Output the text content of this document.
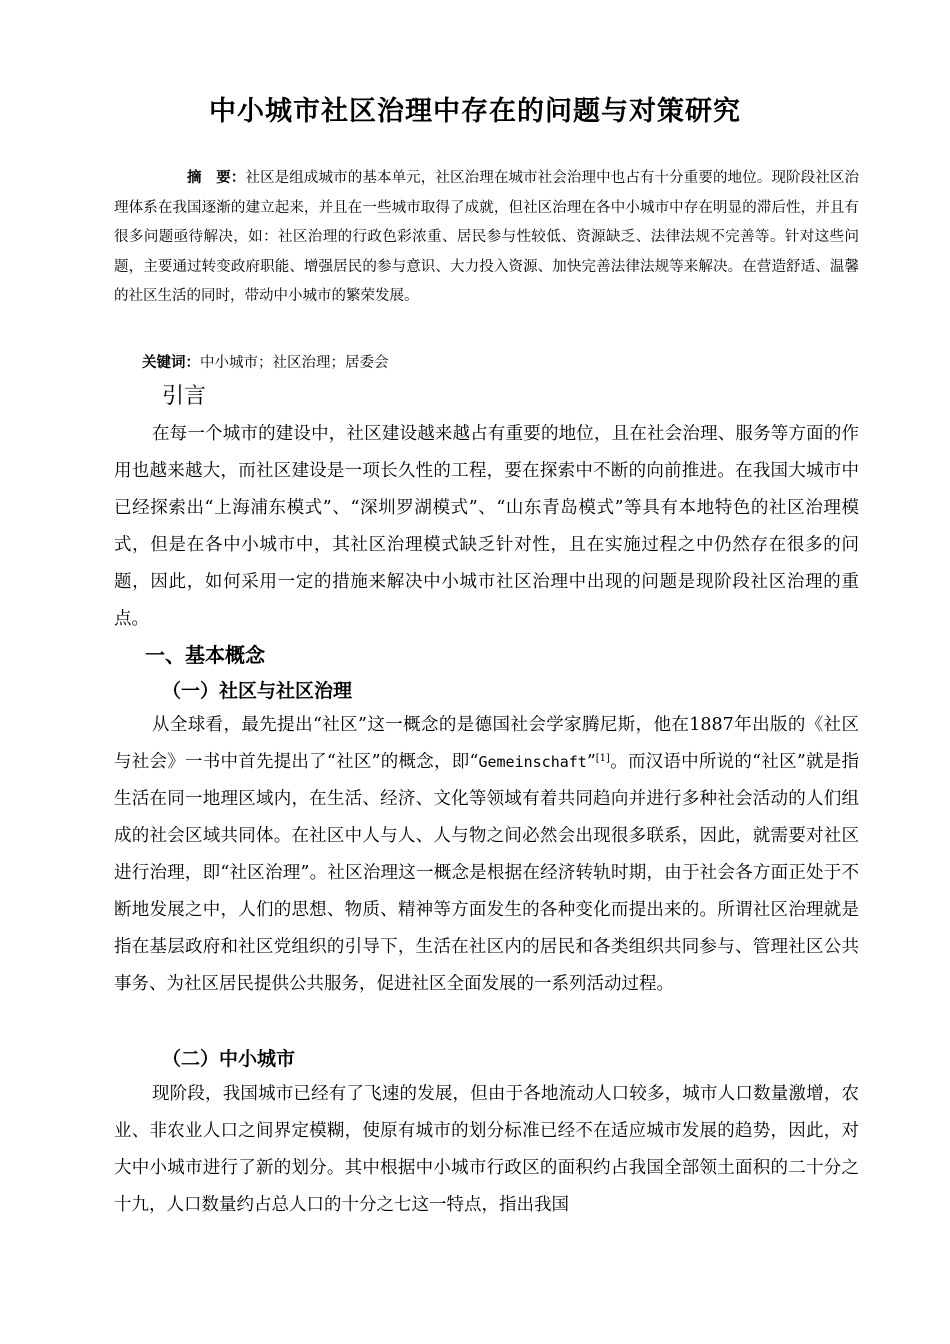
中小城市社区治理中存在的问题与对策研究
摘　要：社区是组成城市的基本单元，社区治理在城市社会治理中也占有十分重要的地位。现阶段社区治理体系在我国逐渐的建立起来，并且在一些城市取得了成就，但社区治理在各中小城市中存在明显的滞后性，并且有很多问题亟待解决，如：社区治理的行政色彩浓重、居民参与性较低、资源缺乏、法律法规不完善等。针对这些问题，主要通过转变政府职能、增强居民的参与意识、大力投入资源、加快完善法律法规等来解决。在营造舒适、温馨的社区生活的同时，带动中小城市的繁荣发展。
关键词：中小城市；社区治理；居委会
引言
在每一个城市的建设中，社区建设越来越占有重要的地位，且在社会治理、服务等方面的作用也越来越大，而社区建设是一项长久性的工程，要在探索中不断的向前推进。在我国大城市中已经探索出“上海浦东模式”、“深圳罗湖模式”、“山东青岛模式”等具有本地特色的社区治理模式，但是在各中小城市中，其社区治理模式缺乏针对性，且在实施过程之中仍然存在很多的问题，因此，如何采用一定的措施来解决中小城市社区治理中出现的问题是现阶段社区治理的重点。
一、基本概念
（一）社区与社区治理
从全球看，最先提出“社区”这一概念的是德国社会学家腾尼斯，他在1887年出版的《社区与社会》一书中首先提出了“社区”的概念，即“Gemeinschaft”[1]。而汉语中所说的“社区”就是指生活在同一地理区域内，在生活、经济、文化等领域有着共同趋向并进行多种社会活动的人们组成的社会区域共同体。在社区中人与人、人与物之间必然会出现很多联系，因此，就需要对社区进行治理，即“社区治理”。社区治理这一概念是根据在经济转轨时期，由于社会各方面正处于不断地发展之中，人们的思想、物质、精神等方面发生的各种变化而提出来的。所谓社区治理就是指在基层政府和社区党组织的引导下，生活在社区内的居民和各类组织共同参与、管理社区公共事务、为社区居民提供公共服务，促进社区全面发展的一系列活动过程。
（二）中小城市
现阶段，我国城市已经有了飞速的发展，但由于各地流动人口较多，城市人口数量激增，农业、非农业人口之间界定模糊，使原有城市的划分标准已经不在适应城市发展的趋势，因此，对大中小城市进行了新的划分。其中根据中小城市行政区的面积约占我国全部领土面积的二十分之十九，人口数量约占总人口的十分之七这一特点，指出我国
